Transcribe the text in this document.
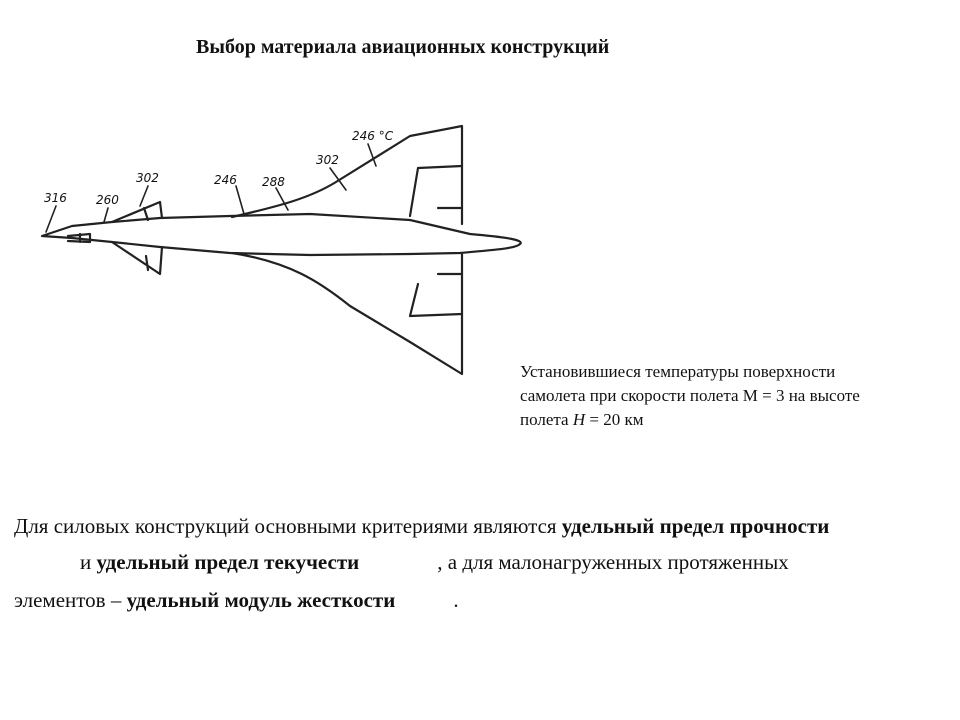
Выбор материала авиационных конструкций
316 260
302	246 288
302
246 °C
Установившиеся температуры поверхности
самолета при скорости полета М = 3 на высоте
полета H = 20 км
Для силовых конструкций основными критериями являются удельный предел прочности
и удельный предел текучести	, а для малонагруженных протяженных
элементов – удельный модуль жесткости	.
